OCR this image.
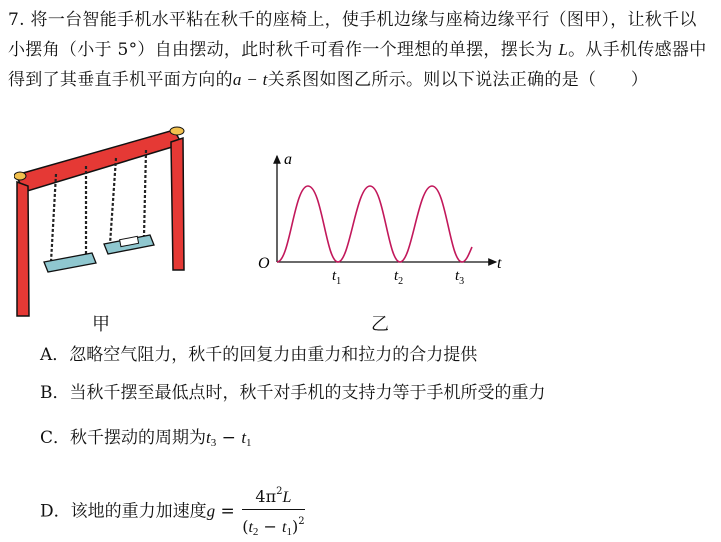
7. 将一台智能手机水平粘在秋千的座椅上，使手机边缘与座椅边缘平行（图甲），让秋千以
小摆角（小于 5°）自由摆动，此时秋千可看作一个理想的单摆，摆长为 L。从手机传感器中
得到了其垂直手机平面方向的a − t关系图如图乙所示。则以下说法正确的是（　　）
甲
a
t
O
$t_1$	$t_2$	$t_3$
乙
A．忽略空气阻力，秋千的回复力由重力和拉力的合力提供
B．当秋千摆至最低点时，秋千对手机的支持力等于手机所受的重力
C．秋千摆动的周期为$t_3 - t_1$
D．该地的重力加速度$g = \frac{4\pi^2L}{(t_2 - t_1)^2}$
